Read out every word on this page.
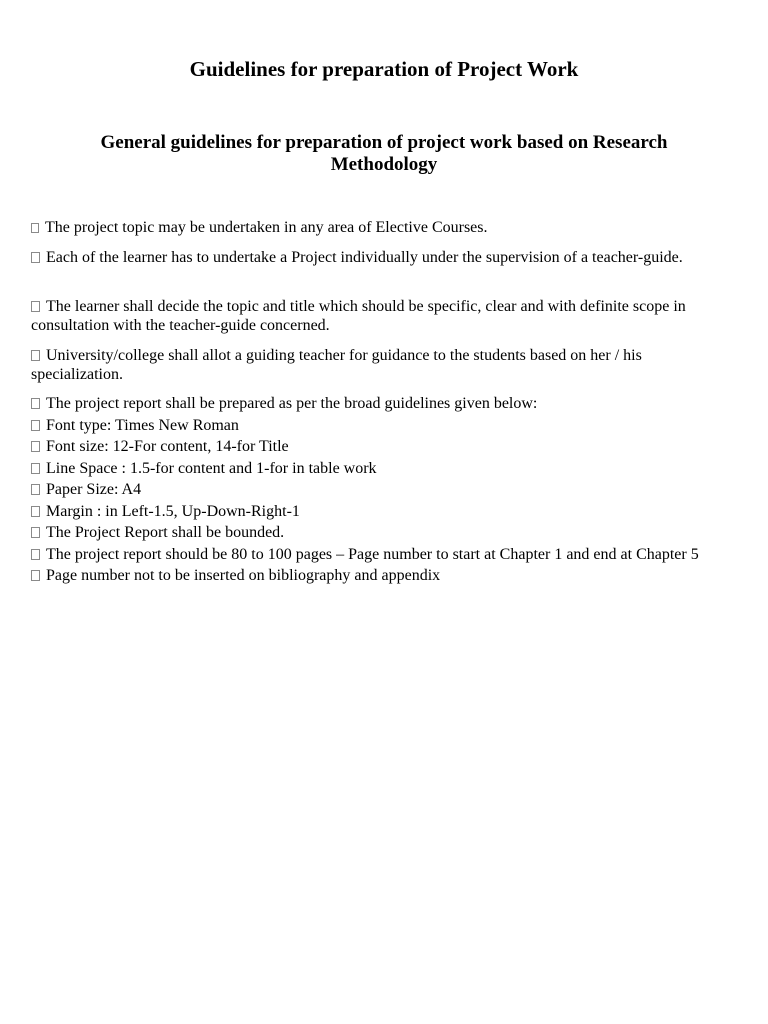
Guidelines for preparation of Project Work
General guidelines for preparation of project work based on Research Methodology

The project topic may be undertaken in any area of Elective Courses.

Each of the learner has to undertake a Project individually under the supervision of a teacher-guide.

The learner shall decide the topic and title which should be specific, clear and with definite scope in consultation with the teacher-guide concerned.

University/college shall allot a guiding teacher for guidance to the students based on her / his specialization.

The project report shall be prepared as per the broad guidelines given below:
Font type: Times New Roman
Font size: 12-For content, 14-for Title
Line Space : 1.5-for content and 1-for in table work
Paper Size: A4
Margin : in Left-1.5, Up-Down-Right-1
The Project Report shall be bounded.
The project report should be 80 to 100 pages – Page number to start at Chapter 1 and end at Chapter 5
Page number not to be inserted on bibliography and appendix
